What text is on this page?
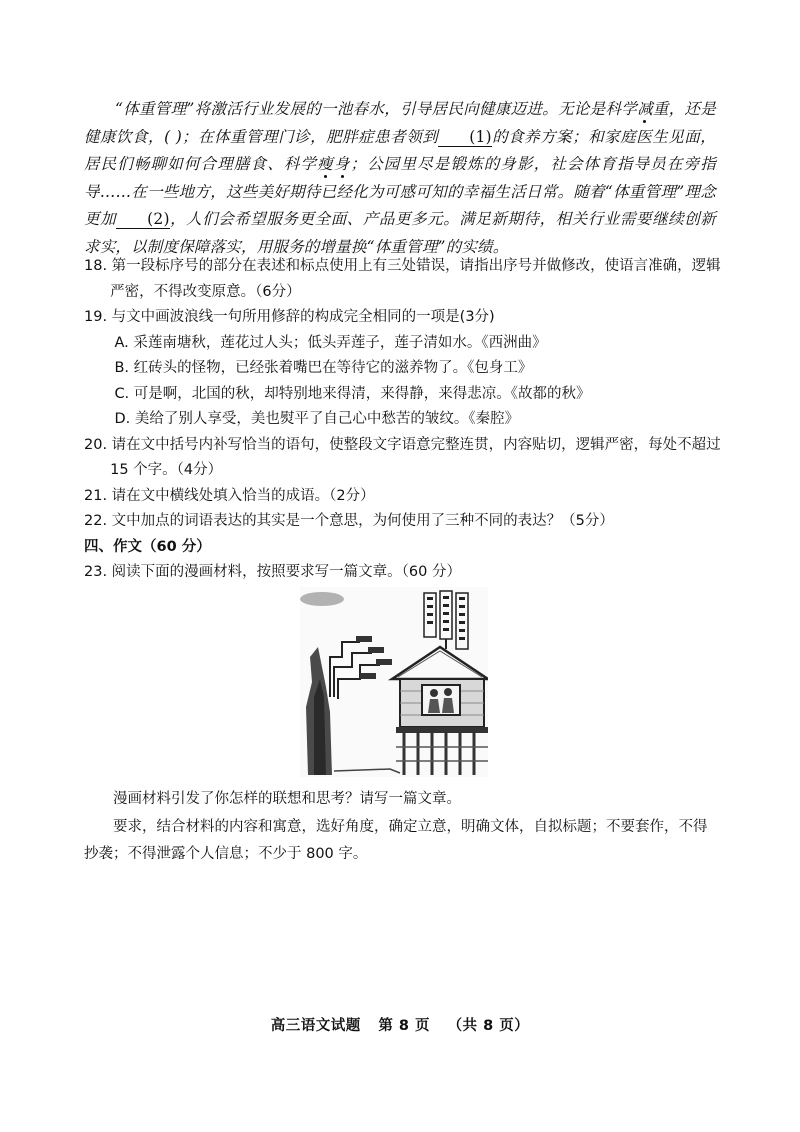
“体重管理”将激活行业发展的一池春水，引导居民向健康迈进。无论是科学减重，还是健康饮食，( )；在体重管理门诊，肥胖症患者领到 (1)的食养方案；和家庭医生见面，居民们畅聊如何合理膳食、科学瘦身；公园里尽是锻炼的身影，社会体育指导员在旁指导……在一些地方，这些美好期待已经化为可感可知的幸福生活日常。随着“体重管理”理念更加 (2)，人们会希望服务更全面、产品更多元。满足新期待，相关行业需要继续创新求实，以制度保障落实，用服务的增量换“体重管理”的实绩。

18. 第一段标序号的部分在表述和标点使用上有三处错误，请指出序号并做修改，使语言准确，逻辑严密，不得改变原意。（6分）

19. 与文中画波浪线一句所用修辞的构成完全相同的一项是(3分)

A. 采莲南塘秋，莲花过人头；低头弄莲子，莲子清如水。《西洲曲》

B. 红砖头的怪物，已经张着嘴巴在等待它的滋养物了。《包身工》

C. 可是啊，北国的秋，却特别地来得清，来得静，来得悲凉。《故都的秋》

D. 美给了别人享受，美也熨平了自己心中愁苦的皱纹。《秦腔》

20. 请在文中括号内补写恰当的语句，使整段文字语意完整连贯，内容贴切，逻辑严密，每处不超过 15 个字。（4分）

21. 请在文中横线处填入恰当的成语。（2分）

22. 文中加点的词语表达的其实是一个意思，为何使用了三种不同的表达？（5分）

四、作文（60 分）

23. 阅读下面的漫画材料，按照要求写一篇文章。（60 分）

漫画材料引发了你怎样的联想和思考？请写一篇文章。

要求，结合材料的内容和寓意，选好角度，确定立意，明确文体，自拟标题；不要套作，不得抄袭；不得泄露个人信息；不少于 800 字。

高三语文试题 第 8 页 （共 8 页）
